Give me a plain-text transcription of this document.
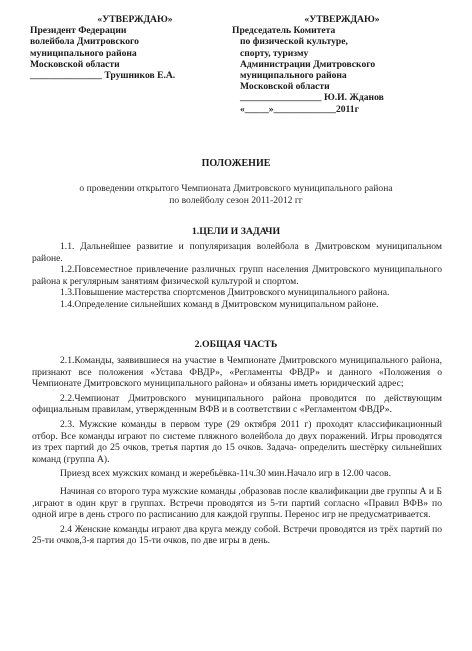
«УТВЕРЖДАЮ»
Президент Федерации
волейбола Дмитровского
муниципального района
Московской области
_______________ Трушников Е.А.
«УТВЕРЖДАЮ»
Председатель Комитета
по физической культуре,
спорту, туризму
Администрации Дмитровского
муниципального района
Московской области
_________________ Ю.И. Жданов
«_____»_____________2011г
ПОЛОЖЕНИЕ
о проведении открытого Чемпионата Дмитровского муниципального района
по волейболу сезон 2011-2012 гг
1.ЦЕЛИ И ЗАДАЧИ

1.1. Дальнейшее развитие и популяризация волейбола в Дмитровском муниципальном районе.

1.2.Повсеместное привлечение различных групп населения Дмитровского муниципального района к регулярным занятиям физической культурой и спортом.

1.3.Повышение мастерства спортсменов Дмитровского муниципального района.

1.4.Определение сильнейших команд в Дмитровском муниципальном районе.

2.ОБЩАЯ ЧАСТЬ

2.1.Команды, заявившиеся на участие в Чемпионате Дмитровского муниципального района, признают все положения «Устава ФВДР», «Регламенты ФВДР» и данного «Положения о Чемпионате Дмитровского муниципального района» и обязаны иметь юридический адрес;

2.2.Чемпионат Дмитровского муниципального района проводится по действующим официальным правилам, утвержденным ВФВ и в соответствии с «Регламентом ФВДР».

2.3. Мужские команды в первом туре (29 октября 2011 г) проходят классификационный отбор. Все команды играют по системе пляжного волейбола до двух поражений. Игры проводятся из трех партий до 25 очков, третья партия до 15 очков. Задача- определить шестёрку сильнейших команд (группа А).

Приезд всех мужских команд и жеребьёвка-11ч.30 мин.Начало игр в 12.00 часов.

Начиная со второго тура мужские команды ,образовав после квалификации две группы А и Б ,играют в один круг в группах. Встречи проводятся из 5-ти партий согласно «Правил ВФВ» по одной игре в день строго по расписанию для каждой группы. Перенос игр не предусматривается.

2.4 Женские команды играют два круга между собой. Встречи проводятся из трёх партий по 25-ти очков,3-я партия до 15-ти очков, по две игры в день.
